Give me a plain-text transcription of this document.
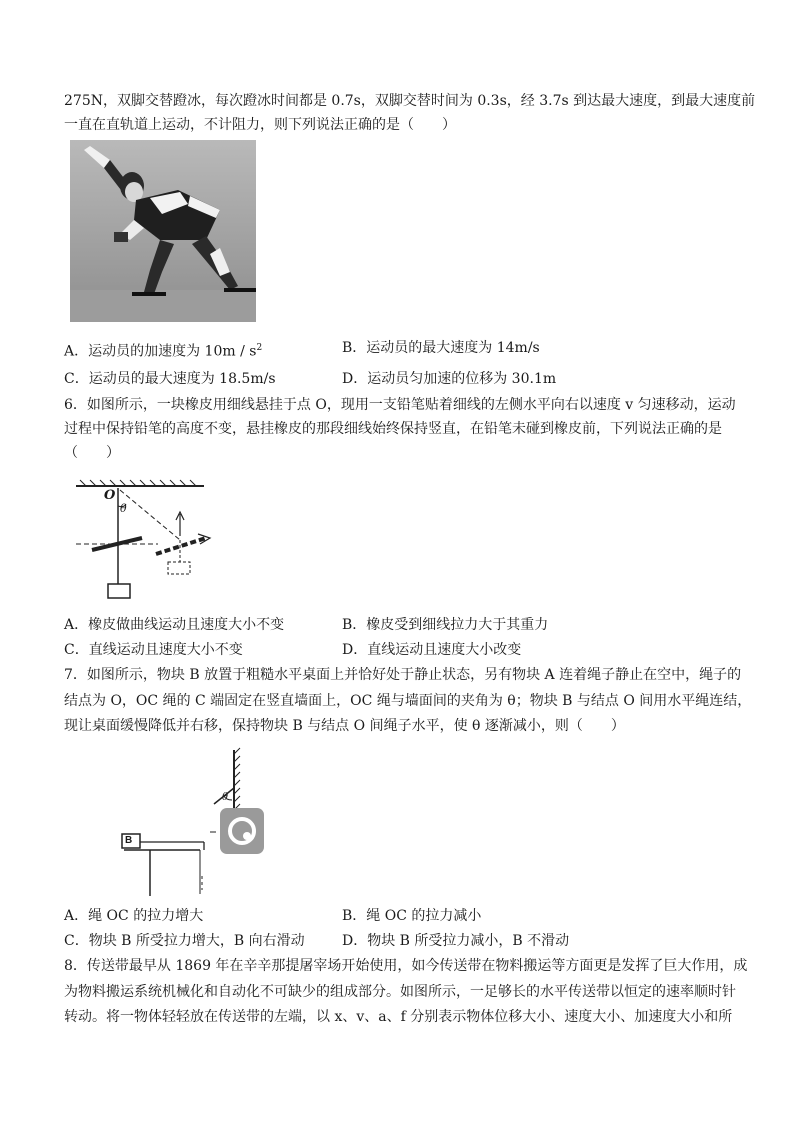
275N，双脚交替蹬冰，每次蹬冰时间都是 0.7s，双脚交替时间为 0.3s，经 3.7s 到达最大速度，到最大速度前
一直在直轨道上运动，不计阻力，则下列说法正确的是（　　）
A．运动员的加速度为 $10m / s^2$	B．运动员的最大速度为 14m/s
C．运动员的最大速度为 18.5m/s	D．运动员匀加速的位移为 30.1m
6．如图所示，一块橡皮用细线悬挂于点 O，现用一支铅笔贴着细线的左侧水平向右以速度 v 匀速移动，运动
过程中保持铅笔的高度不变，悬挂橡皮的那段细线始终保持竖直，在铅笔未碰到橡皮前，下列说法正确的是
（　　）
O
θ
A．橡皮做曲线运动且速度大小不变	B．橡皮受到细线拉力大于其重力
C．直线运动且速度大小不变	D．直线运动且速度大小改变
7．如图所示，物块 B 放置于粗糙水平桌面上并恰好处于静止状态，另有物块 A 连着绳子静止在空中，绳子的
结点为 O，OC 绳的 C 端固定在竖直墙面上，OC 绳与墙面间的夹角为 θ；物块 B 与结点 O 间用水平绳连结，
现让桌面缓慢降低并右移，保持物块 B 与结点 O 间绳子水平，使 θ 逐渐减小，则（　　）
B
θ
A．绳 OC 的拉力增大	B．绳 OC 的拉力减小
C．物块 B 所受拉力增大，B 向右滑动	D．物块 B 所受拉力减小，B 不滑动
8．传送带最早从 1869 年在辛辛那提屠宰场开始使用，如今传送带在物料搬运等方面更是发挥了巨大作用，成
为物料搬运系统机械化和自动化不可缺少的组成部分。如图所示，一足够长的水平传送带以恒定的速率顺时针
转动。将一物体轻轻放在传送带的左端，以 x、v、a、f 分别表示物体位移大小、速度大小、加速度大小和所
